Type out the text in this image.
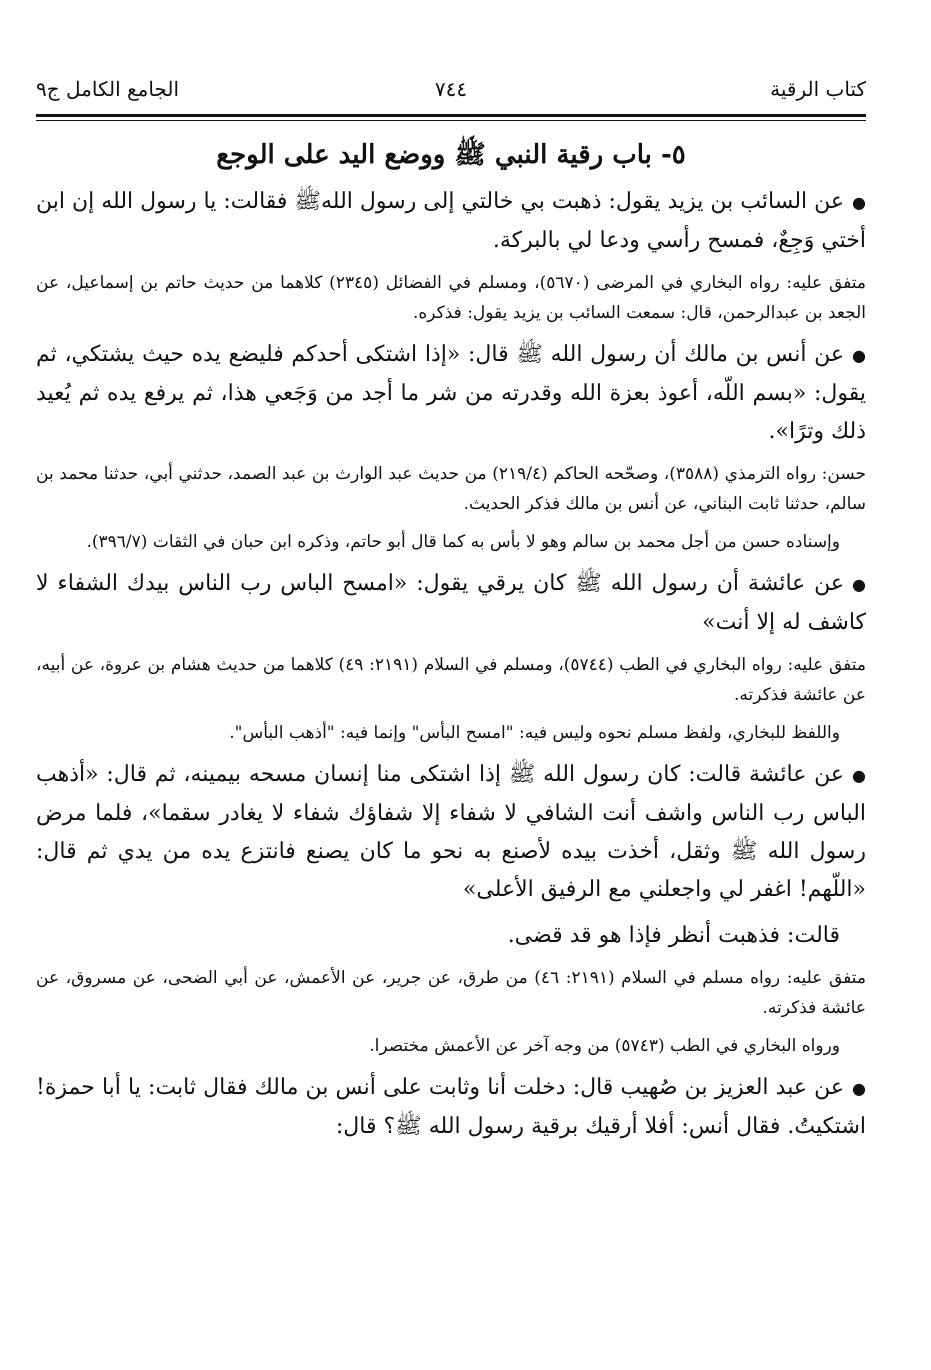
كتاب الرقية
٧٤٤
الجامع الكامل ج٩
٥- باب رقية النبي ﷺ ووضع اليد على الوجع

●عن السائب بن يزيد يقول: ذهبت بي خالتي إلى رسول اللهﷺ فقالت: يا رسول الله إن ابن أختي وَجِعٌ، فمسح رأسي ودعا لي بالبركة.

متفق عليه: رواه البخاري في المرضى (٥٦٧٠)، ومسلم في الفضائل (٢٣٤٥) كلاهما من حديث حاتم بن إسماعيل، عن الجعد بن عبدالرحمن، قال: سمعت السائب بن يزيد يقول: فذكره.

●عن أنس بن مالك أن رسول الله ﷺ قال: «إذا اشتكى أحدكم فليضع يده حيث يشتكي، ثم يقول: «بسم اللّه، أعوذ بعزة الله وقدرته من شر ما أجد من وَجَعي هذا، ثم يرفع يده ثم يُعيد ذلك وترًا».

حسن: رواه الترمذي (٣٥٨٨)، وصحّحه الحاكم (٢١٩/٤) من حديث عبد الوارث بن عبد الصمد، حدثني أبي، حدثنا محمد بن سالم، حدثنا ثابت البناني، عن أنس بن مالك فذكر الحديث.

وإسناده حسن من أجل محمد بن سالم وهو لا بأس به كما قال أبو حاتم، وذكره ابن حبان في الثقات (٣٩٦/٧).

●عن عائشة أن رسول الله ﷺ كان يرقي يقول: «امسح الباس رب الناس بيدك الشفاء لا كاشف له إلا أنت»

متفق عليه: رواه البخاري في الطب (٥٧٤٤)، ومسلم في السلام (٢١٩١: ٤٩) كلاهما من حديث هشام بن عروة، عن أبيه، عن عائشة فذكرته.

واللفظ للبخاري، ولفظ مسلم نحوه وليس فيه: "امسح البأس" وإنما فيه: "أذهب البأس".

●عن عائشة قالت: كان رسول الله ﷺ إذا اشتكى منا إنسان مسحه بيمينه، ثم قال: «أذهب الباس رب الناس واشف أنت الشافي لا شفاء إلا شفاؤك شفاء لا يغادر سقما»، فلما مرض رسول الله ﷺ وثقل، أخذت بيده لأصنع به نحو ما كان يصنع فانتزع يده من يدي ثم قال: «اللّهم! اغفر لي واجعلني مع الرفيق الأعلى»

قالت: فذهبت أنظر فإذا هو قد قضى.

متفق عليه: رواه مسلم في السلام (٢١٩١: ٤٦) من طرق، عن جرير، عن الأعمش، عن أبي الضحى، عن مسروق، عن عائشة فذكرته.

ورواه البخاري في الطب (٥٧٤٣) من وجه آخر عن الأعمش مختصرا.

●عن عبد العزيز بن صُهيب قال: دخلت أنا وثابت على أنس بن مالك فقال ثابت: يا أبا حمزة! اشتكيتُ. فقال أنس: أفلا أرقيك برقية رسول الله ﷺ؟ قال:
